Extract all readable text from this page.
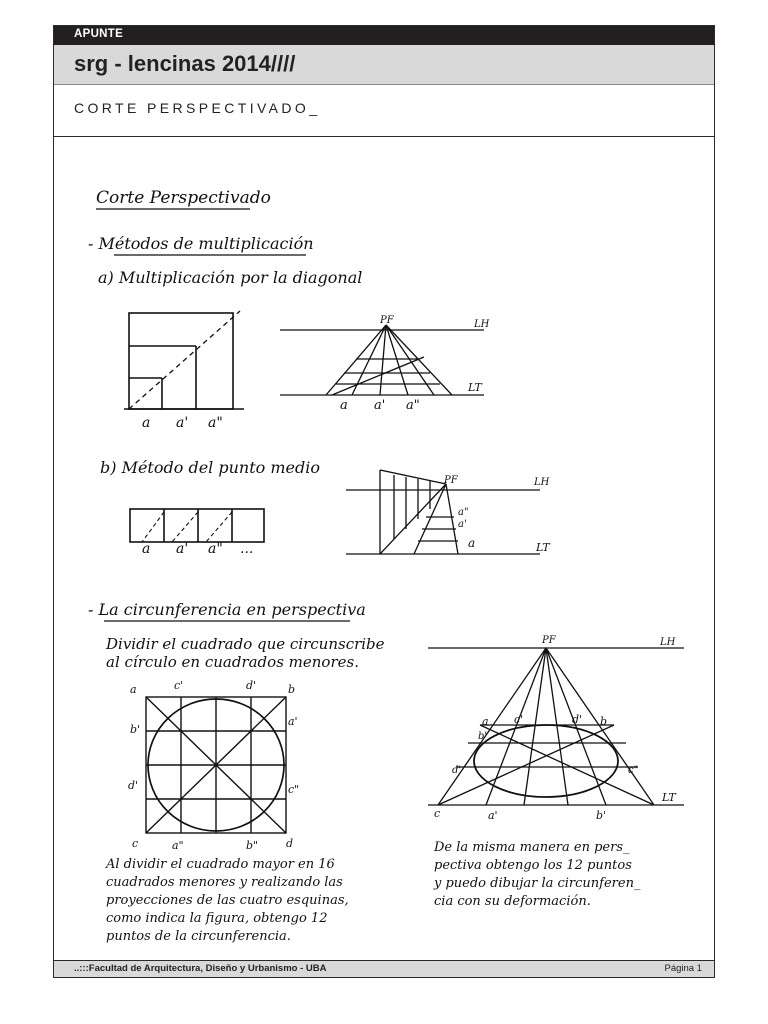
APUNTE
srg - lencinas 2014////
CORTE PERSPECTIVADO_
Corte Perspectivado
- Métodos de multiplicación
a) Multiplicación por la diagonal
a a' a"
PF	LH
LT
a a' a"
b) Método del punto medio
a a' a" ...
PF	LH
LT
a"
a'
a
- La circunferencia en perspectiva
Dividir el cuadrado que circunscribe
al círculo en cuadrados menores.
a	c'	d'	b
b'
a'
d'	c"
c	a"	b"	d
PF	LH
LT
a c'	d' b
b'
d'	c"
c	a'	b'
Al dividir el cuadrado mayor en 16
cuadrados menores y realizando las
proyecciones de las cuatro esquinas,
como indica la figura, obtengo 12
puntos de la circunferencia.
De la misma manera en pers_
pectiva obtengo los 12 puntos
y puedo dibujar la circunferen_
cia con su deformación.
..:::Facultad de Arquitectura, Diseño y Urbanismo - UBA	Página 1
